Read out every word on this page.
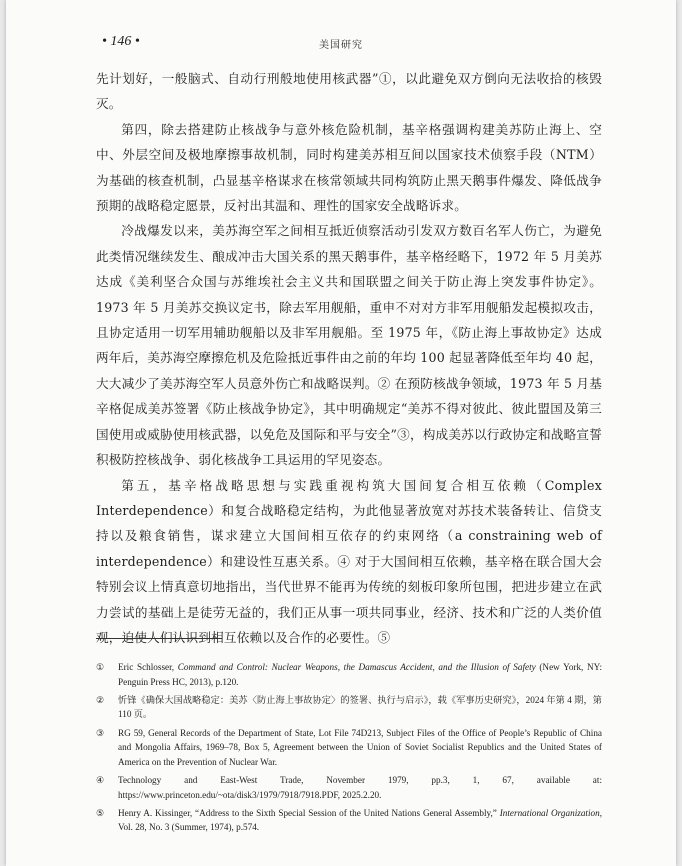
• 146 •	美国研究

先计划好，一般脑式、自动行刑般地使用核武器”①，以此避免双方倒向无法收拾的核毁灭。

第四，除去搭建防止核战争与意外核危险机制，基辛格强调构建美苏防止海上、空中、外层空间及极地摩擦事故机制，同时构建美苏相互间以国家技术侦察手段（NTM）为基础的核查机制，凸显基辛格谋求在核常领域共同构筑防止黑天鹅事件爆发、降低战争预期的战略稳定愿景，反衬出其温和、理性的国家安全战略诉求。

冷战爆发以来，美苏海空军之间相互抵近侦察活动引发双方数百名军人伤亡，为避免此类情况继续发生、酿成冲击大国关系的黑天鹅事件，基辛格经略下，1972 年 5 月美苏达成《美利坚合众国与苏维埃社会主义共和国联盟之间关于防止海上突发事件协定》。1973 年 5 月美苏交换议定书，除去军用舰船，重申不对对方非军用舰船发起模拟攻击，且协定适用一切军用辅助舰船以及非军用舰船。至 1975 年，《防止海上事故协定》达成两年后，美苏海空摩擦危机及危险抵近事件由之前的年均 100 起显著降低至年均 40 起，大大减少了美苏海空军人员意外伤亡和战略误判。② 在预防核战争领域，1973 年 5 月基辛格促成美苏签署《防止核战争协定》，其中明确规定“美苏不得对彼此、彼此盟国及第三国使用或威胁使用核武器，以免危及国际和平与安全”③，构成美苏以行政协定和战略宣誓积极防控核战争、弱化核战争工具运用的罕见姿态。

第五，基辛格战略思想与实践重视构筑大国间复合相互依赖（Complex Interdependence）和复合战略稳定结构，为此他显著放宽对苏技术装备转让、信贷支持以及粮食销售，谋求建立大国间相互依存的约束网络（a constraining web of interdependence）和建设性互惠关系。④ 对于大国间相互依赖，基辛格在联合国大会特别会议上情真意切地指出，当代世界不能再为传统的刻板印象所包围，把进步建立在武力尝试的基础上是徒劳无益的，我们正从事一项共同事业，经济、技术和广泛的人类价值观，迫使人们认识到相互依赖以及合作的必要性。⑤

① Eric Schlosser, Command and Control: Nuclear Weapons, the Damascus Accident, and the Illusion of Safety (New York, NY: Penguin Press HC, 2013), p.120.
② 忻锋《确保大国战略稳定：美苏〈防止海上事故协定〉的签署、执行与启示》，载《军事历史研究》，2024 年第 4 期，第 110 页。
③ RG 59, General Records of the Department of State, Lot File 74D213, Subject Files of the Office of People’s Republic of China and Mongolia Affairs, 1969–78, Box 5, Agreement between the Union of Soviet Socialist Republics and the United States of America on the Prevention of Nuclear War.
④ Technology and East-West Trade, November 1979, pp.3, 1, 67, available at: https://www.princeton.edu/~ota/disk3/1979/7918/7918.PDF, 2025.2.20.
⑤ Henry A. Kissinger, “Address to the Sixth Special Session of the United Nations General Assembly,” International Organization, Vol. 28, No. 3 (Summer, 1974), p.574.
